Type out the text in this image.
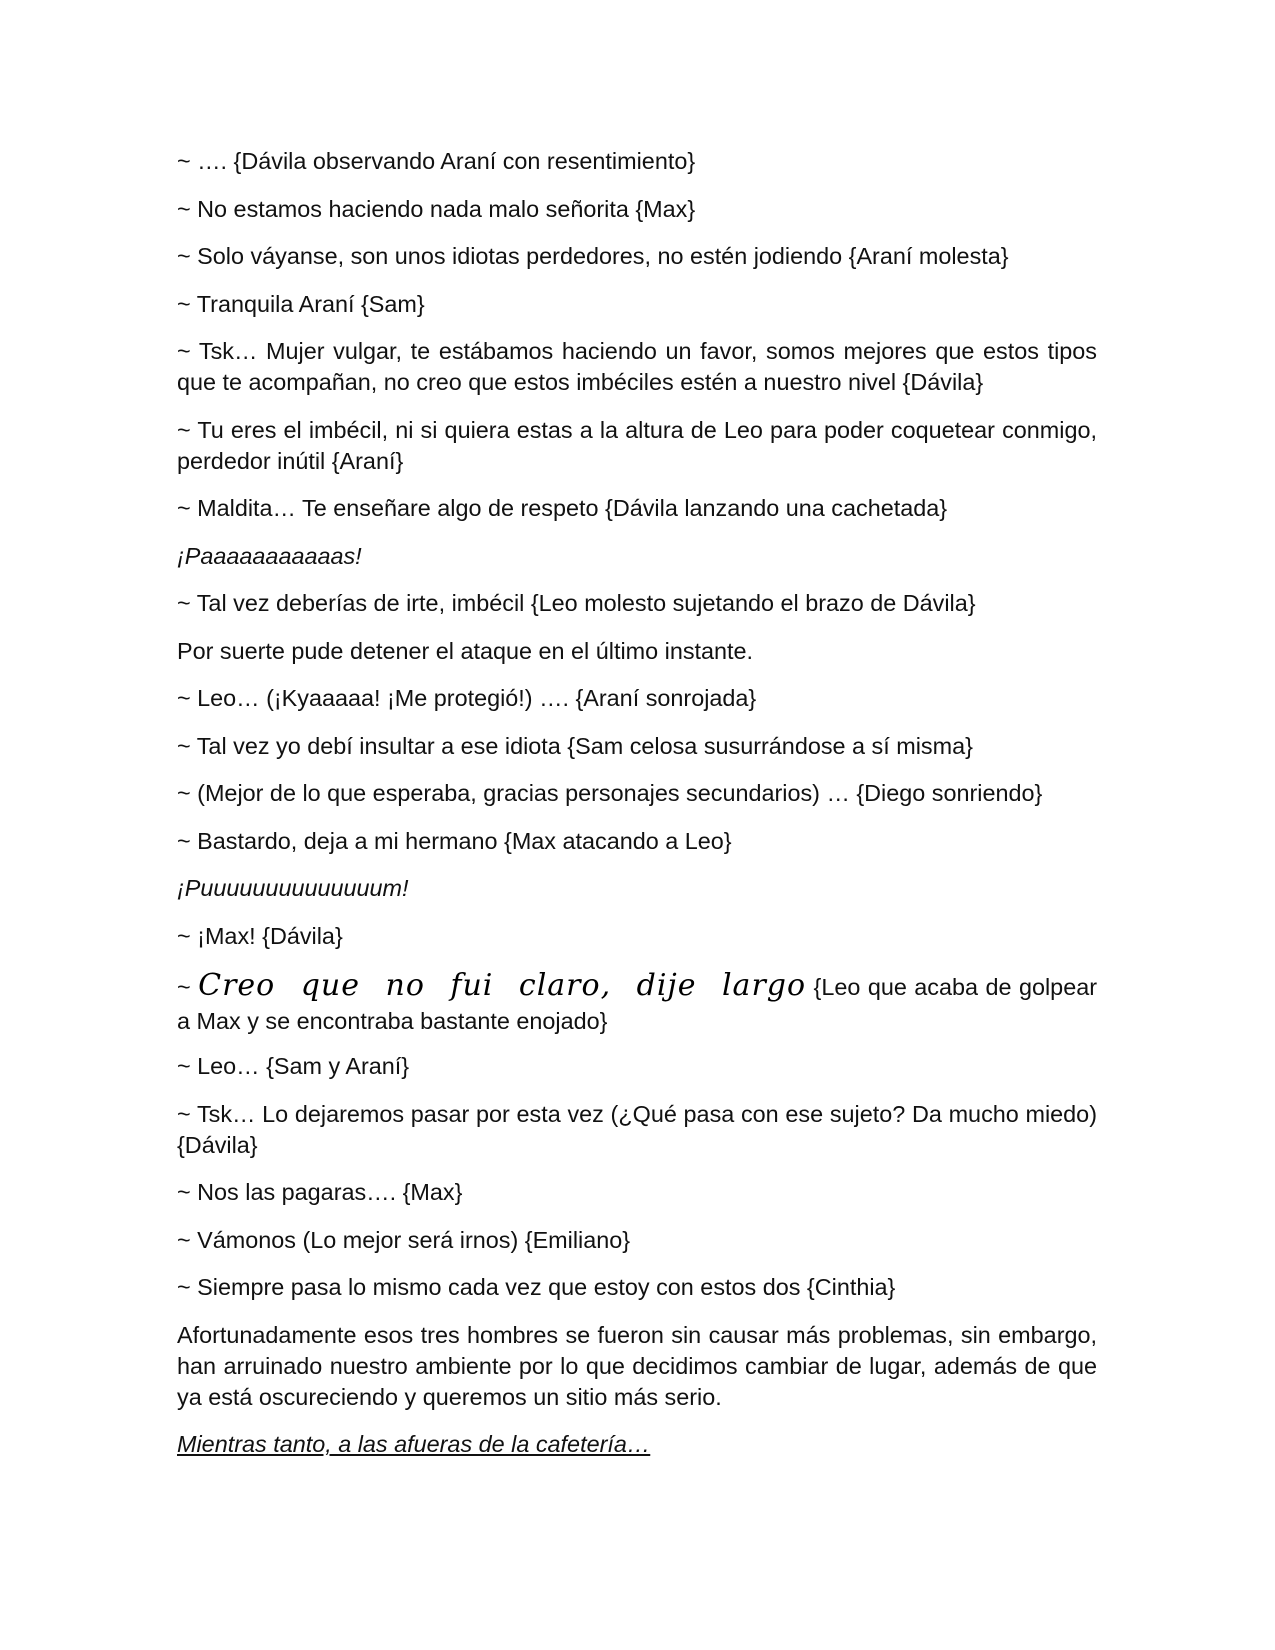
~ …. {Dávila observando Araní con resentimiento}

~ No estamos haciendo nada malo señorita {Max}

~ Solo váyanse, son unos idiotas perdedores, no estén jodiendo {Araní molesta}

~ Tranquila Araní {Sam}

~ Tsk… Mujer vulgar, te estábamos haciendo un favor, somos mejores que estos tipos que te acompañan, no creo que estos imbéciles estén a nuestro nivel {Dávila}

~ Tu eres el imbécil, ni si quiera estas a la altura de Leo para poder coquetear conmigo, perdedor inútil {Araní}

~ Maldita… Te enseñare algo de respeto {Dávila lanzando una cachetada}

¡Paaaaaaaaaaas!

~ Tal vez deberías de irte, imbécil {Leo molesto sujetando el brazo de Dávila}

Por suerte pude detener el ataque en el último instante.

~ Leo… (¡Kyaaaaa! ¡Me protegió!) …. {Araní sonrojada}

~ Tal vez yo debí insultar a ese idiota {Sam celosa susurrándose a sí misma}

~ (Mejor de lo que esperaba, gracias personajes secundarios) … {Diego sonriendo}

~ Bastardo, deja a mi hermano {Max atacando a Leo}

¡Puuuuuuuuuuuuuum!

~ ¡Max! {Dávila}

~ Creo que no fui claro, dije largo {Leo que acaba de golpear a Max y se encontraba bastante enojado}

~ Leo… {Sam y Araní}

~ Tsk… Lo dejaremos pasar por esta vez (¿Qué pasa con ese sujeto? Da mucho miedo) {Dávila}

~ Nos las pagaras…. {Max}

~ Vámonos (Lo mejor será irnos) {Emiliano}

~ Siempre pasa lo mismo cada vez que estoy con estos dos {Cinthia}

Afortunadamente esos tres hombres se fueron sin causar más problemas, sin embargo, han arruinado nuestro ambiente por lo que decidimos cambiar de lugar, además de que ya está oscureciendo y queremos un sitio más serio.

Mientras tanto, a las afueras de la cafetería…
